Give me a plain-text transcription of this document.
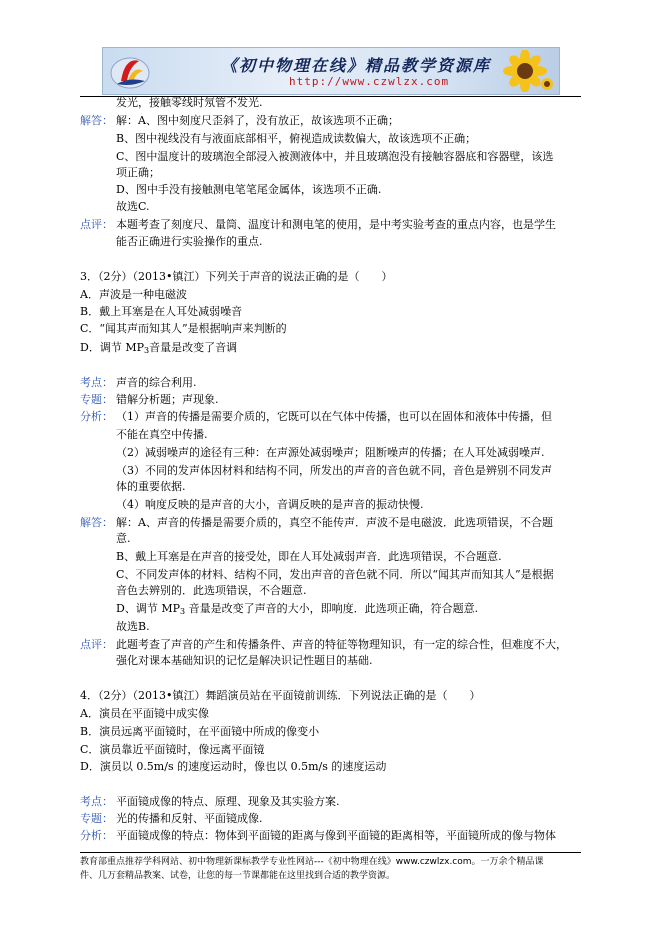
《初中物理在线》精品教学资源库
http://www.czwlzx.com
发光，接触零线时氖管不发光.
解答： 解：A、图中刻度尺歪斜了，没有放正，故该选项不正确；
B、图中视线没有与液面底部相平，俯视造成读数偏大，故该选项不正确；
C、图中温度计的玻璃泡全部浸入被测液体中，并且玻璃泡没有接触容器底和容器壁，该选
项正确；
D、图中手没有接触测电笔笔尾金属体，该选项不正确.
故选C.
点评： 本题考查了刻度尺、量筒、温度计和测电笔的使用，是中考实验考查的重点内容，也是学生
能否正确进行实验操作的重点.
3．（2分）（2013•镇江）下列关于声音的说法正确的是（　　）
A．声波是一种电磁波
B．戴上耳塞是在人耳处减弱噪音
C．“闻其声而知其人”是根据响声来判断的
D．调节 $MP_3$音量是改变了音调
考点： 声音的综合利用.
专题： 错解分析题；声现象.
分析： （1）声音的传播是需要介质的，它既可以在气体中传播，也可以在固体和液体中传播，但
不能在真空中传播.
（2）减弱噪声的途径有三种：在声源处减弱噪声；阻断噪声的传播；在人耳处减弱噪声.
（3）不同的发声体因材料和结构不同，所发出的声音的音色就不同，音色是辨别不同发声
体的重要依据.
（4）响度反映的是声音的大小，音调反映的是声音的振动快慢.
解答： 解：A、声音的传播是需要介质的，真空不能传声．声波不是电磁波．此选项错误，不合题
意.
B、戴上耳塞是在声音的接受处，即在人耳处减弱声音．此选项错误，不合题意.
C、不同发声体的材料、结构不同，发出声音的音色就不同．所以“闻其声而知其人”是根据
音色去辨别的．此选项错误，不合题意.
D、调节 $MP_3$ 音量是改变了声音的大小，即响度．此选项正确，符合题意.
故选B.
点评： 此题考查了声音的产生和传播条件、声音的特征等物理知识，有一定的综合性，但难度不大，
强化对课本基础知识的记忆是解决识记性题目的基础.
4．（2分）（2013•镇江）舞蹈演员站在平面镜前训练．下列说法正确的是（　　）
A．演员在平面镜中成实像
B．演员远离平面镜时，在平面镜中所成的像变小
C．演员靠近平面镜时，像远离平面镜
D．演员以 0.5m/s 的速度运动时，像也以 0.5m/s 的速度运动
考点： 平面镜成像的特点、原理、现象及其实验方案.
专题： 光的传播和反射、平面镜成像.
分析： 平面镜成像的特点：物体到平面镜的距离与像到平面镜的距离相等，平面镜所成的像与物体
教育部重点推荐学科网站、初中物理新课标教学专业性网站---《初中物理在线》www.czwlzx.com。一万余个精品课
件、几万套精品教案、试卷，让您的每一节课都能在这里找到合适的教学资源。
